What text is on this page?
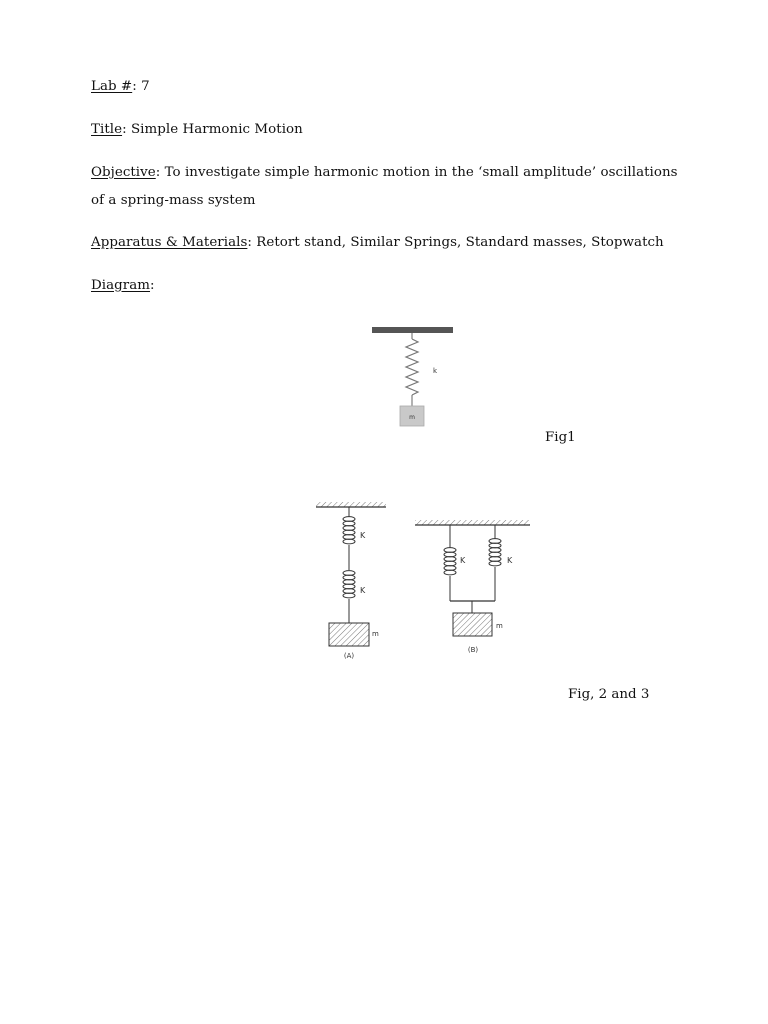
Lab #: 7
Title: Simple Harmonic Motion
Objective: To investigate simple harmonic motion in the ‘small amplitude’ oscillations
of a spring-mass system
Apparatus & Materials: Retort stand, Similar Springs, Standard masses, Stopwatch
Diagram:
k
m
Fig1
K
K
m
(A)
K	K
m
(B)
Fig, 2 and 3
